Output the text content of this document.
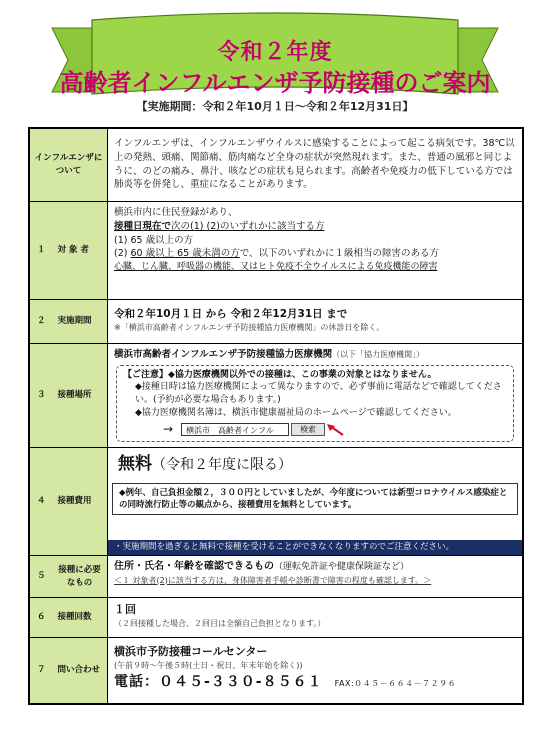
令和２年度
高齢者インフルエンザ予防接種のご案内
【実施期間：令和２年10月１日～令和２年12月31日】
インフルエンザについて
インフルエンザは、インフルエンザウイルスに感染することによって起こる病気です。38℃以上の発熱、頭痛、関節痛、筋肉痛など全身の症状が突然現れます。また、普通の風邪と同じように、のどの痛み、鼻汁、咳などの症状も見られます。高齢者や免疫力の低下している方では肺炎等を併発し、重症になることがあります。
１ 対 象 者
横浜市内に住民登録があり、
接種日現在で次の(1) (2)のいずれかに該当する方
(1) 65 歳以上の方
(2) 60 歳以上 65 歳未満の方で、以下のいずれかに１級相当の障害のある方
心臓、じん臓、呼吸器の機能、又はヒト免疫不全ウイルスによる免疫機能の障害
２ 実施期間
令和２年10月１日 から 令和２年12月31日 まで
※「横浜市高齢者インフルエンザ予防接種協力医療機関」の休診日を除く。
３ 接種場所
横浜市高齢者インフルエンザ予防接種協力医療機関（以下「協力医療機関」）
【ご注意】◆協力医療機関以外での接種は、この事業の対象とはなりません。
◆接種日時は協力医療機関によって異なりますので、必ず事前に電話などで確認してください。(予約が必要な場合もあります。)
◆協力医療機関名簿は、横浜市健康福祉局のホームページで確認してください。
→	横浜市　高齢者インフル	検索
４ 接種費用
無料（令和２年度に限る）
◆例年、自己負担金額２，３００円としていましたが、今年度については新型コロナウイルス感染症との同時流行防止等の観点から、接種費用を無料としています。
・実施期間を過ぎると無料で接種を受けることができなくなりますのでご注意ください。
５
接種に必要なもの
住所・氏名・年齢を確認できるもの（運転免許証や健康保険証など）
＜１ 対象者(2)に該当する方は、身体障害者手帳や診断書で障害の程度も確認します。＞
６ 接種回数
１回
（２回接種した場合、２回目は全額自己負担となります。）
７ 問い合わせ
横浜市予防接種コールセンター
(午前９時～午後５時(土日・祝日、年末年始を除く))
電話：０４５-３３０-８５６１ FAX:０４５－６６４－７２９６
